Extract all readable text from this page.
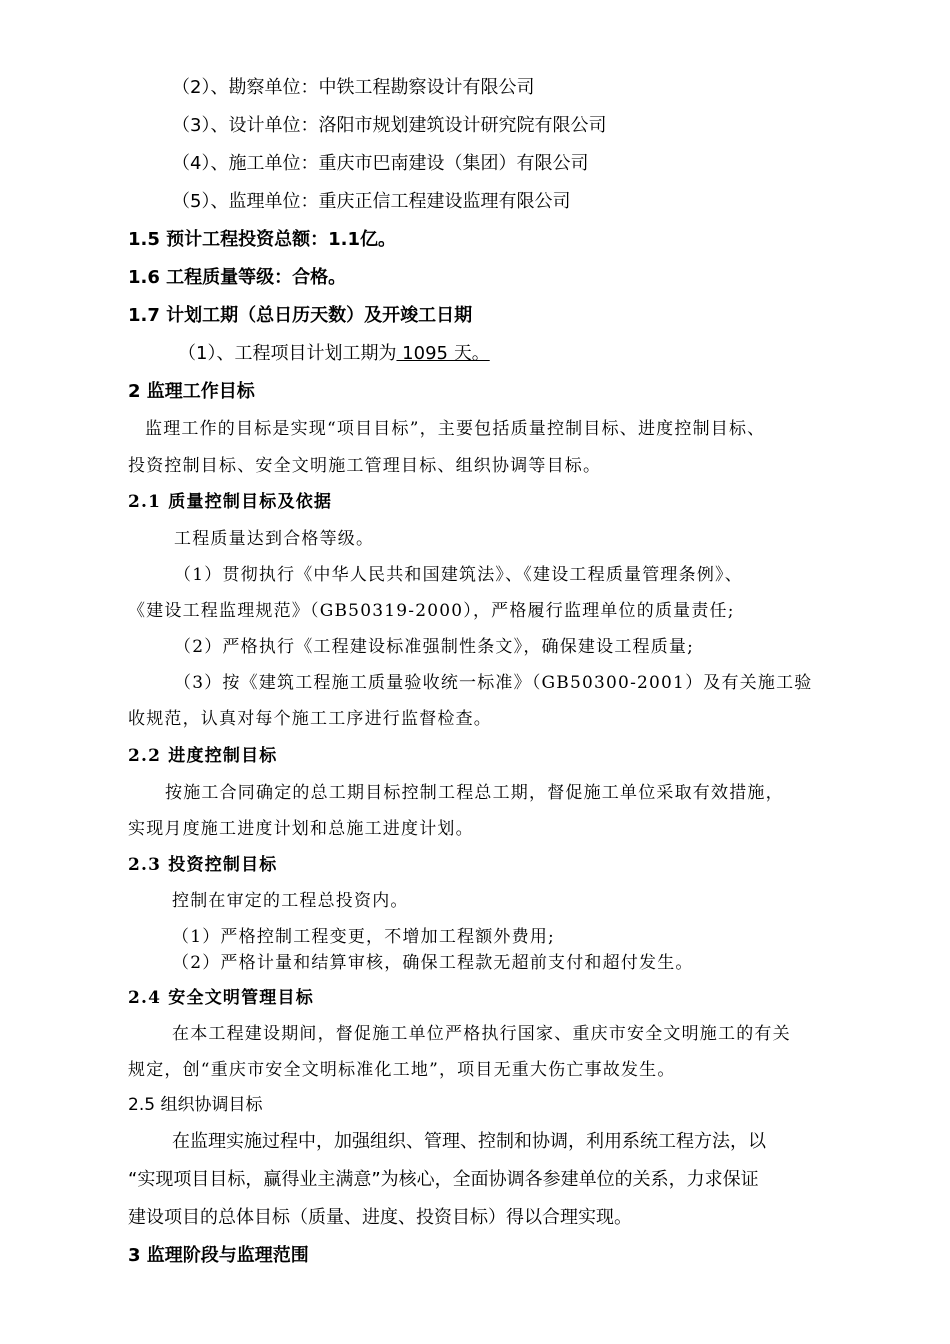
（2）、勘察单位：中铁工程勘察设计有限公司
（3）、设计单位：洛阳市规划建筑设计研究院有限公司
（4）、施工单位：重庆市巴南建设（集团）有限公司
（5）、监理单位：重庆正信工程建设监理有限公司
1.5 预计工程投资总额：1.1亿。
1.6 工程质量等级：合格。
1.7 计划工期（总日历天数）及开竣工日期
（1）、工程项目计划工期为 1095 天。
2 监理工作目标
监理工作的目标是实现“项目目标”，主要包括质量控制目标、进度控制目标、
投资控制目标、安全文明施工管理目标、组织协调等目标。
2.1 质量控制目标及依据
工程质量达到合格等级。
（1）贯彻执行《中华人民共和国建筑法》、《建设工程质量管理条例》、
《建设工程监理规范》（GB50319-2000），严格履行监理单位的质量责任;
（2）严格执行《工程建设标准强制性条文》，确保建设工程质量;
（3）按《建筑工程施工质量验收统一标准》（GB50300-2001）及有关施工验
收规范，认真对每个施工工序进行监督检查。
2.2 进度控制目标
按施工合同确定的总工期目标控制工程总工期，督促施工单位采取有效措施，
实现月度施工进度计划和总施工进度计划。
2.3 投资控制目标
控制在审定的工程总投资内。
（1）严格控制工程变更，不增加工程额外费用;
（2）严格计量和结算审核，确保工程款无超前支付和超付发生。
2.4 安全文明管理目标
在本工程建设期间，督促施工单位严格执行国家、重庆市安全文明施工的有关
规定，创“重庆市安全文明标准化工地”，项目无重大伤亡事故发生。
2.5 组织协调目标
在监理实施过程中，加强组织、管理、控制和协调，利用系统工程方法，以
“实现项目目标，赢得业主满意”为核心，全面协调各参建单位的关系，力求保证
建设项目的总体目标（质量、进度、投资目标）得以合理实现。
3 监理阶段与监理范围
